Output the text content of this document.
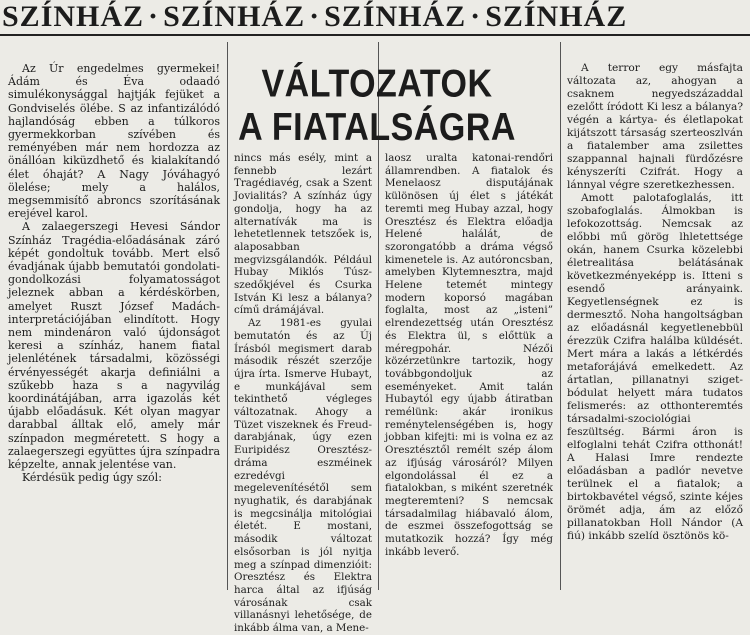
SZÍNHÁZ · SZÍNHÁZ · SZÍNHÁZ · SZÍNHÁZ

Az Úr engedelmes gyermekei! Ádám és Éva odaadó simulékonysággal hajtják fejüket a Gondviselés ölébe. S az infantizálódó hajlandóság ebben a túlkoros gyermekkorban szívében és reményében már nem hordozza az önállóan kiküzdhető és kialakítandó élet óhaját? A Nagy Jóváhagyó ölelése; mely a halálos, megsemmisítő abroncs szorításának erejével karol.

A zalaegerszegi Hevesi Sándor Színház Tragédia-előadásának záró képét gondoltuk tovább. Mert első évadjának újabb bemutatói gondolati-gondolkozási folyamatosságot jeleznek abban a kérdéskörben, amelyet Ruszt József Madách-interpretációjában elindított. Hogy nem mindenáron való újdonságot keresi a színház, hanem fiatal jelenlétének társadalmi, közösségi érvényességét akarja definiálni a szűkebb haza s a nagyvilág koordinátájában, arra igazolás két újabb előadásuk. Két olyan magyar darabbal álltak elő, amely már színpadon megméretett. S hogy a zalaegerszegi együttes újra színpadra képzelte, annak jelentése van.

Kérdésük pedig úgy szól:

VÁLTOZATOK
A FIATALSÁGRA

nincs más esély, mint a fennebb lezárt Tragédiavég, csak a Szent Jovialitás? A színház úgy gondolja, hogy ha az alternatívák ma is lehetetlennek tetszőek is, alaposabban megvizsgálandók. Például Hubay Miklós Túsz-szedőkjével és Csurka István Ki lesz a bálanya? című drámájával.

Az 1981-es gyulai bemutatón és az Új Írásból megismert darab második részét szerzője újra írta. Ismerve Hubayt, e munkájával sem tekinthető végleges változatnak. Ahogy a Tüzet viszeknek és Freud-darabjának, úgy ezen Euripidész Oresztész-dráma eszméinek ezredévgi megelevenítésétől sem nyughatik, és darabjának is megcsinálja mitológiai életét. E mostani, második változat elsősorban is jól nyitja meg a színpad dimenzióit: Oresztész és Elektra harca által az ifjúság városának csak villanásnyi lehetősége, de inkább álma van, a Mene-

laosz uralta katonai-rendőri államrendben. A fiatalok és Menelaosz disputájának különösen új élet s játékát teremti meg Hubay azzal, hogy Oresztész és Elektra előadja Helené halálát, de szorongatóbb a dráma végső kimenetele is. Az autóroncsban, amelyben Klytemnesztra, majd Helene tetemét mintegy modern koporsó magában foglalta, most az „isteni” elrendezettség után Oresztész és Elektra ül, s előttük a méregpohár. Nézői közérzetünkre tartozik, hogy továbbgondoljuk az eseményeket. Amit talán Hubaytól egy újabb átiratban remélünk: akár ironikus reménytelenségében is, hogy jobban kifejti: mi is volna ez az Oresztésztől remélt szép álom az ifjúság városáról? Milyen elgondolással él ez a fiatalokban, s miként szeretnék megteremteni? S nemcsak társadalmilag hiábavaló álom, de eszmei összefogottság se mutatkozik hozzá? Így még inkább leverő.

A terror egy másfajta változata az, ahogyan a csaknem negyedszázaddal ezelőtt íródott Ki lesz a bálanya? végén a kártya- és életlapokat kijátszott társaság szerteoszlván a fiatalember ama zsilettes szappannal hajnali fürdőzésre kényszeríti Czifrát. Hogy a lánnyal végre szeretkezhessen.

Amott palotafoglalás, itt szobafoglalás. Álmokban is lefokozottság. Nemcsak az előbbi mű görög lhletettsége okán, hanem Csurka közelebbi életrealitása belátásának következményeképp is. Itteni s esendő arányaink. Kegyetlenségnek ez is dermesztő. Noha hangoltságban az előadásnál kegyetlenebbül érezzük Czifra halálba küldését. Mert mára a lakás a létkérdés metaforájává emelkedett. Az ártatlan, pillanatnyi sziget-bódulat helyett mára tudatos felismerés: az otthonteremtés társadalmi-szociológiai feszültség. Bármi áron is elfoglalni tehát Czifra otthonát! A Halasi Imre rendezte előadásban a padlór nevetve terülnek el a fiatalok; a birtokbavétel végső, szinte kéjes örömét adja, ám az előző pillanatokban Holl Nándor (A fiú) inkább szelíd ösztönös kö-
